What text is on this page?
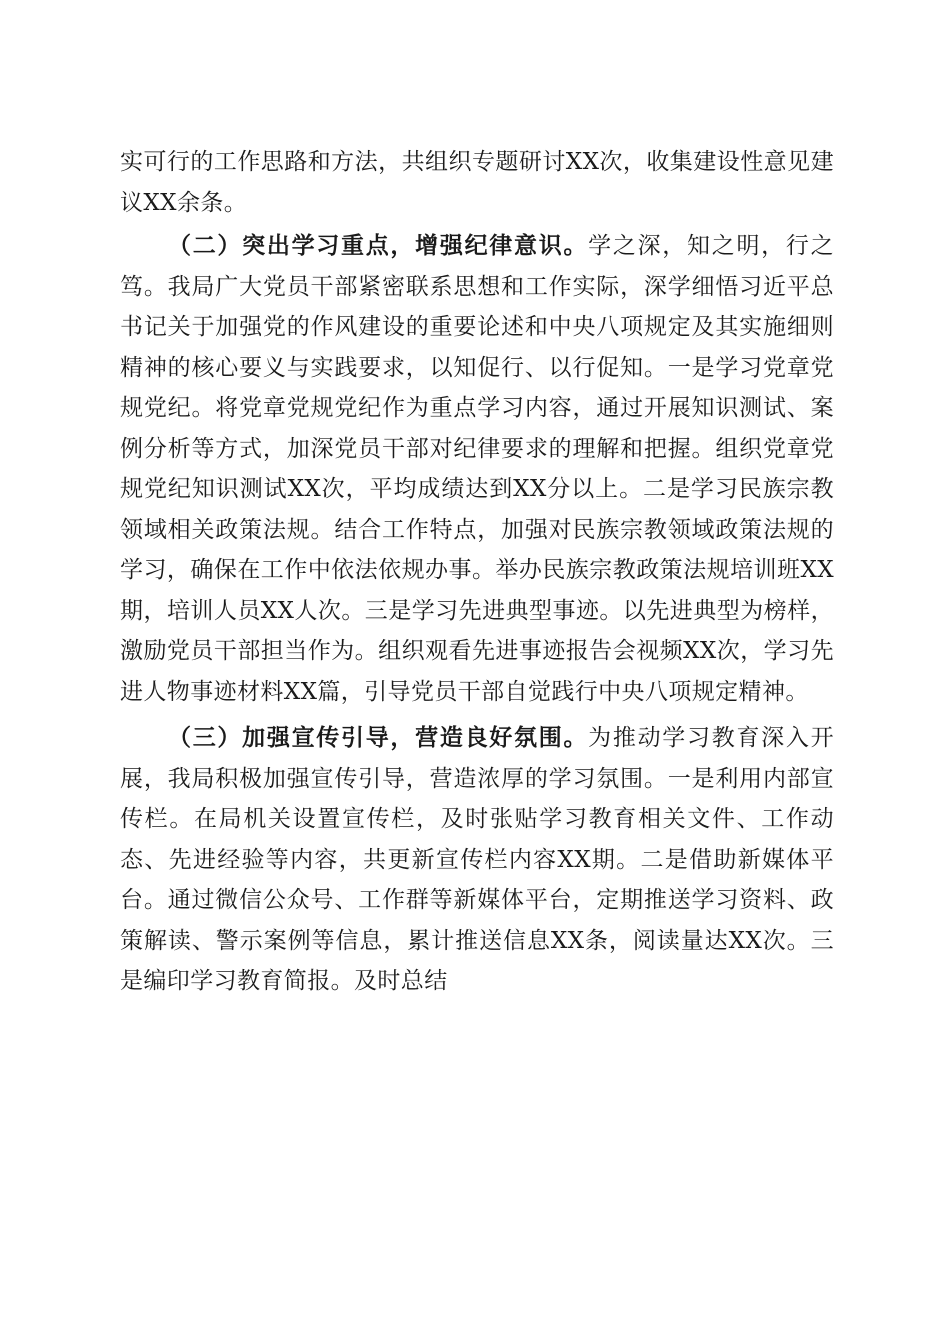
实可行的工作思路和方法，共组织专题研讨XX次，收集建设性意见建议XX余条。

（二）突出学习重点，增强纪律意识。学之深，知之明，行之笃。我局广大党员干部紧密联系思想和工作实际，深学细悟习近平总书记关于加强党的作风建设的重要论述和中央八项规定及其实施细则精神的核心要义与实践要求，以知促行、以行促知。一是学习党章党规党纪。将党章党规党纪作为重点学习内容，通过开展知识测试、案例分析等方式，加深党员干部对纪律要求的理解和把握。组织党章党规党纪知识测试XX次，平均成绩达到XX分以上。二是学习民族宗教领域相关政策法规。结合工作特点，加强对民族宗教领域政策法规的学习，确保在工作中依法依规办事。举办民族宗教政策法规培训班XX期，培训人员XX人次。三是学习先进典型事迹。以先进典型为榜样，激励党员干部担当作为。组织观看先进事迹报告会视频XX次，学习先进人物事迹材料XX篇，引导党员干部自觉践行中央八项规定精神。

（三）加强宣传引导，营造良好氛围。为推动学习教育深入开展，我局积极加强宣传引导，营造浓厚的学习氛围。一是利用内部宣传栏。在局机关设置宣传栏，及时张贴学习教育相关文件、工作动态、先进经验等内容，共更新宣传栏内容XX期。二是借助新媒体平台。通过微信公众号、工作群等新媒体平台，定期推送学习资料、政策解读、警示案例等信息，累计推送信息XX条，阅读量达XX次。三是编印学习教育简报。及时总结
